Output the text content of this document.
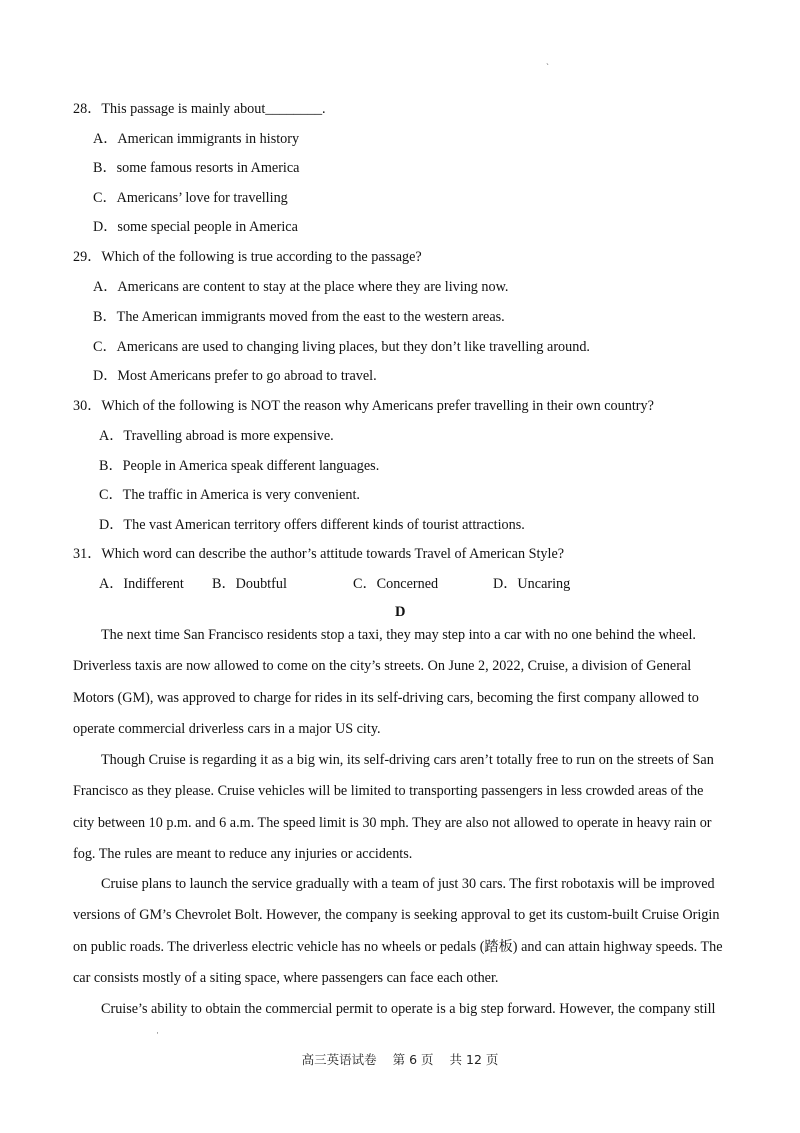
`
28．This passage is mainly about________.
A．American immigrants in history
B．some famous resorts in America
C．Americans’ love for travelling
D．some special people in America
29．Which of the following is true according to the passage?
A．Americans are content to stay at the place where they are living now.
B．The American immigrants moved from the east to the western areas.
C．Americans are used to changing living places, but they don’t like travelling around.
D．Most Americans prefer to go abroad to travel.
30．Which of the following is NOT the reason why Americans prefer travelling in their own country?
A．Travelling abroad is more expensive.
B．People in America speak different languages.
C．The traffic in America is very convenient.
D．The vast American territory offers different kinds of tourist attractions.
31．Which word can describe the author’s attitude towards Travel of American Style?
A．Indifferent B．Doubtful	C．Concerned	D．Uncaring
D
The next time San Francisco residents stop a taxi, they may step into a car with no one behind the wheel.
Driverless taxis are now allowed to come on the city’s streets. On June 2, 2022, Cruise, a division of General
Motors (GM), was approved to charge for rides in its self-driving cars, becoming the first company allowed to
operate commercial driverless cars in a major US city.
Though Cruise is regarding it as a big win, its self-driving cars aren’t totally free to run on the streets of San
Francisco as they please. Cruise vehicles will be limited to transporting passengers in less crowded areas of the
city between 10 p.m. and 6 a.m. The speed limit is 30 mph. They are also not allowed to operate in heavy rain or
fog. The rules are meant to reduce any injuries or accidents.
Cruise plans to launch the service gradually with a team of just 30 cars. The first robotaxis will be improved
versions of GM’s Chevrolet Bolt. However, the company is seeking approval to get its custom-built Cruise Origin
on public roads. The driverless electric vehicle has no wheels or pedals (踏板) and can attain highway speeds. The
car consists mostly of a siting space, where passengers can face each other.
Cruise’s ability to obtain the commercial permit to operate is a big step forward. However, the company still
·
高三英语试卷 第 6 页 共 12 页
